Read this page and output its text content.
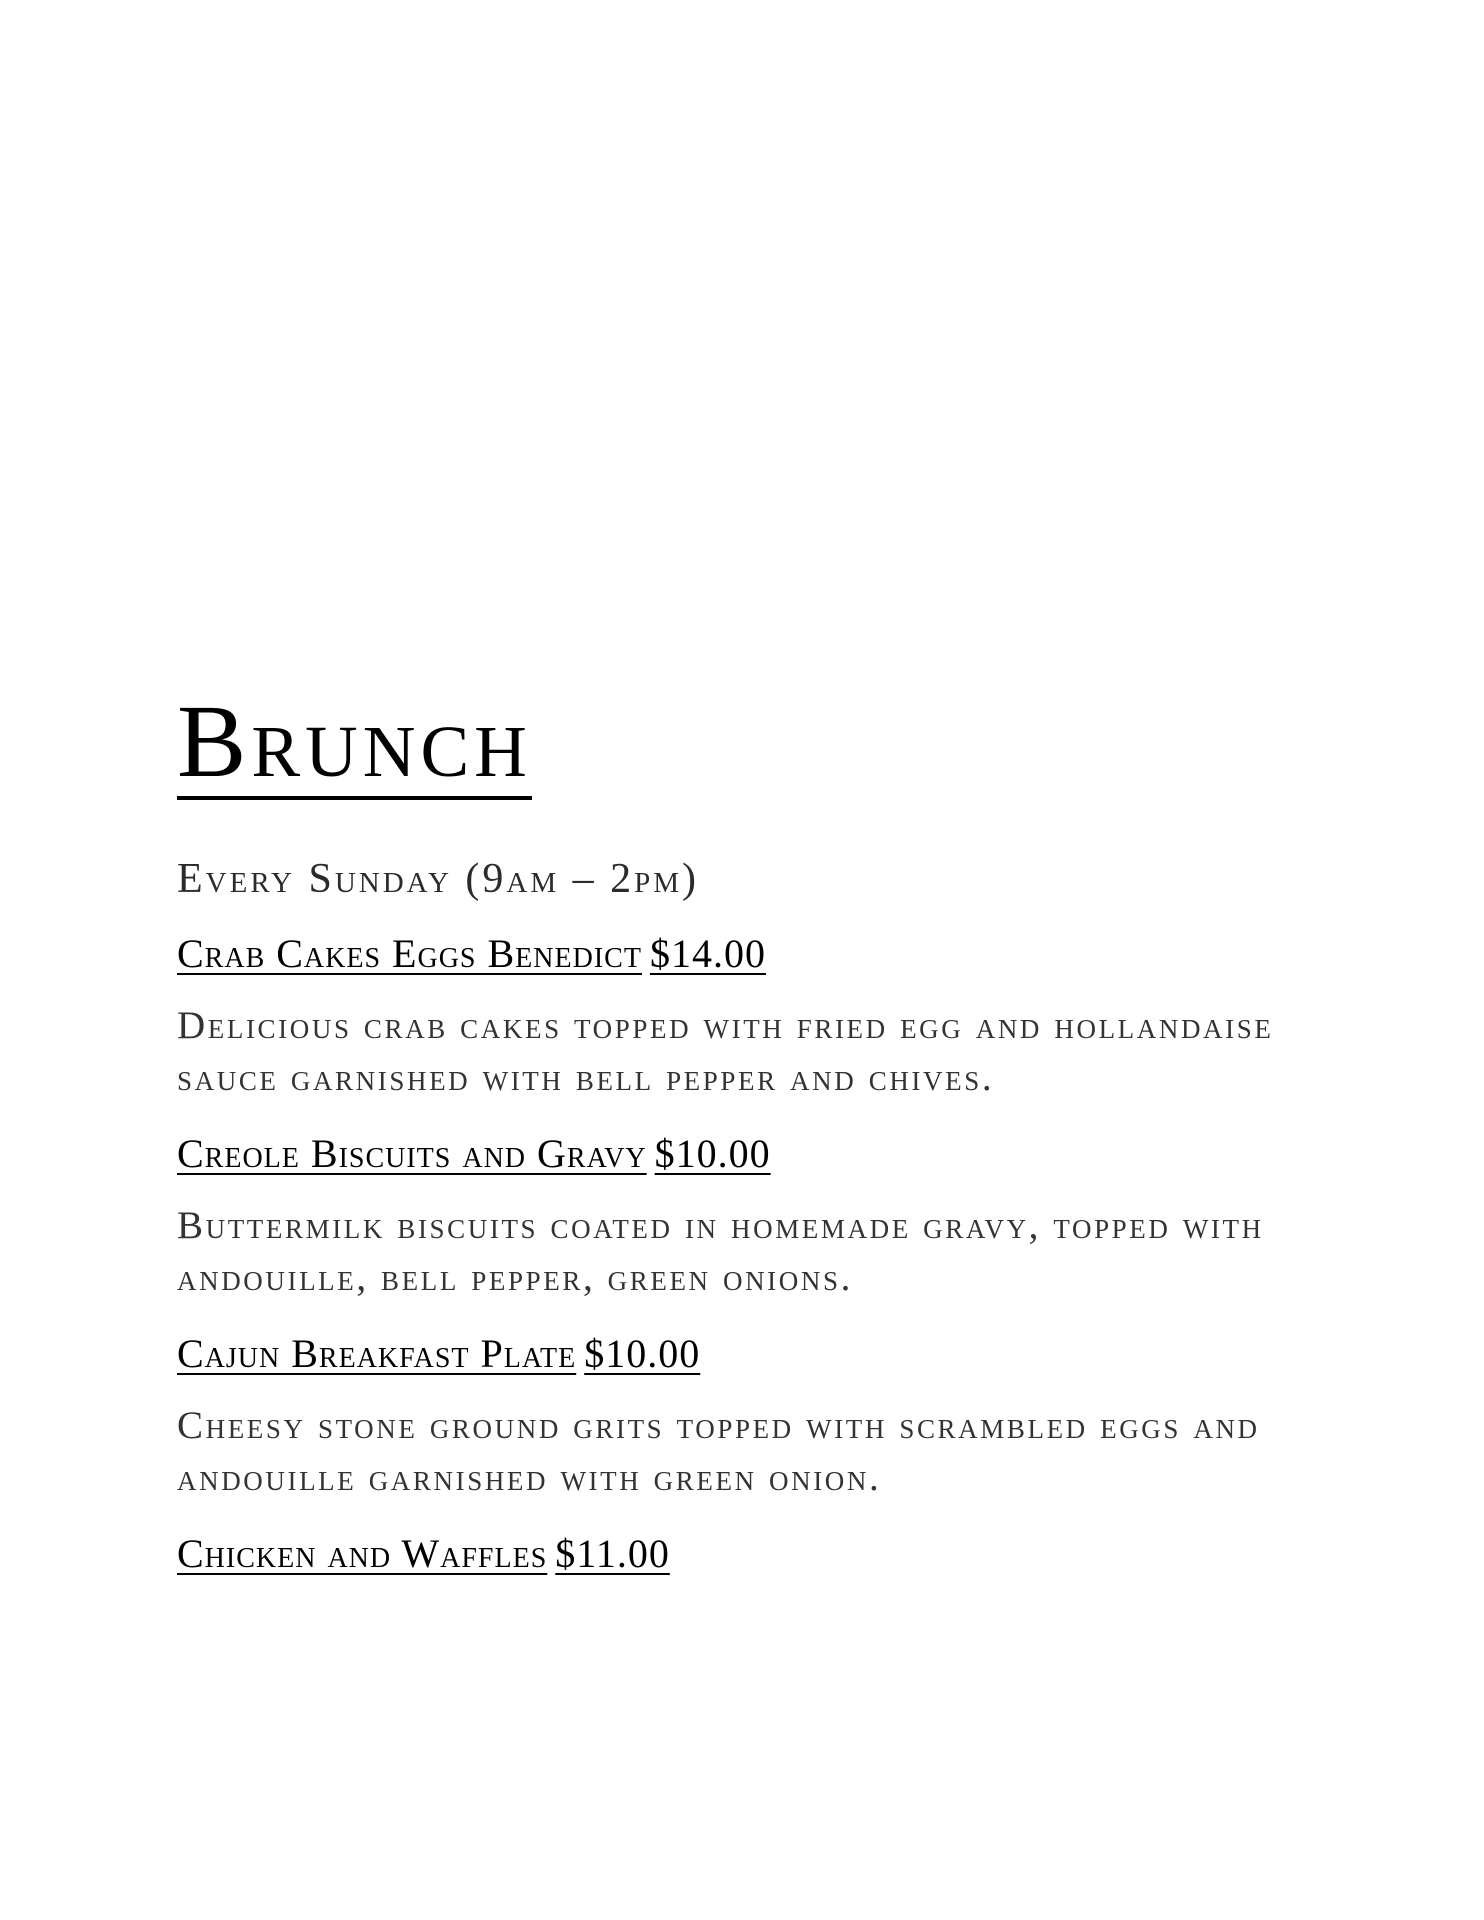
Brunch

Every Sunday (9am – 2pm)

Crab Cakes Eggs Benedict $14.00

Delicious crab cakes topped with fried egg and hollandaise sauce garnished with bell pepper and chives.

Creole Biscuits and Gravy $10.00

Buttermilk biscuits coated in homemade gravy, topped with andouille, bell pepper, green onions.

Cajun Breakfast Plate $10.00

Cheesy stone ground grits topped with scrambled eggs and andouille garnished with green onion.

Chicken and Waffles $11.00
